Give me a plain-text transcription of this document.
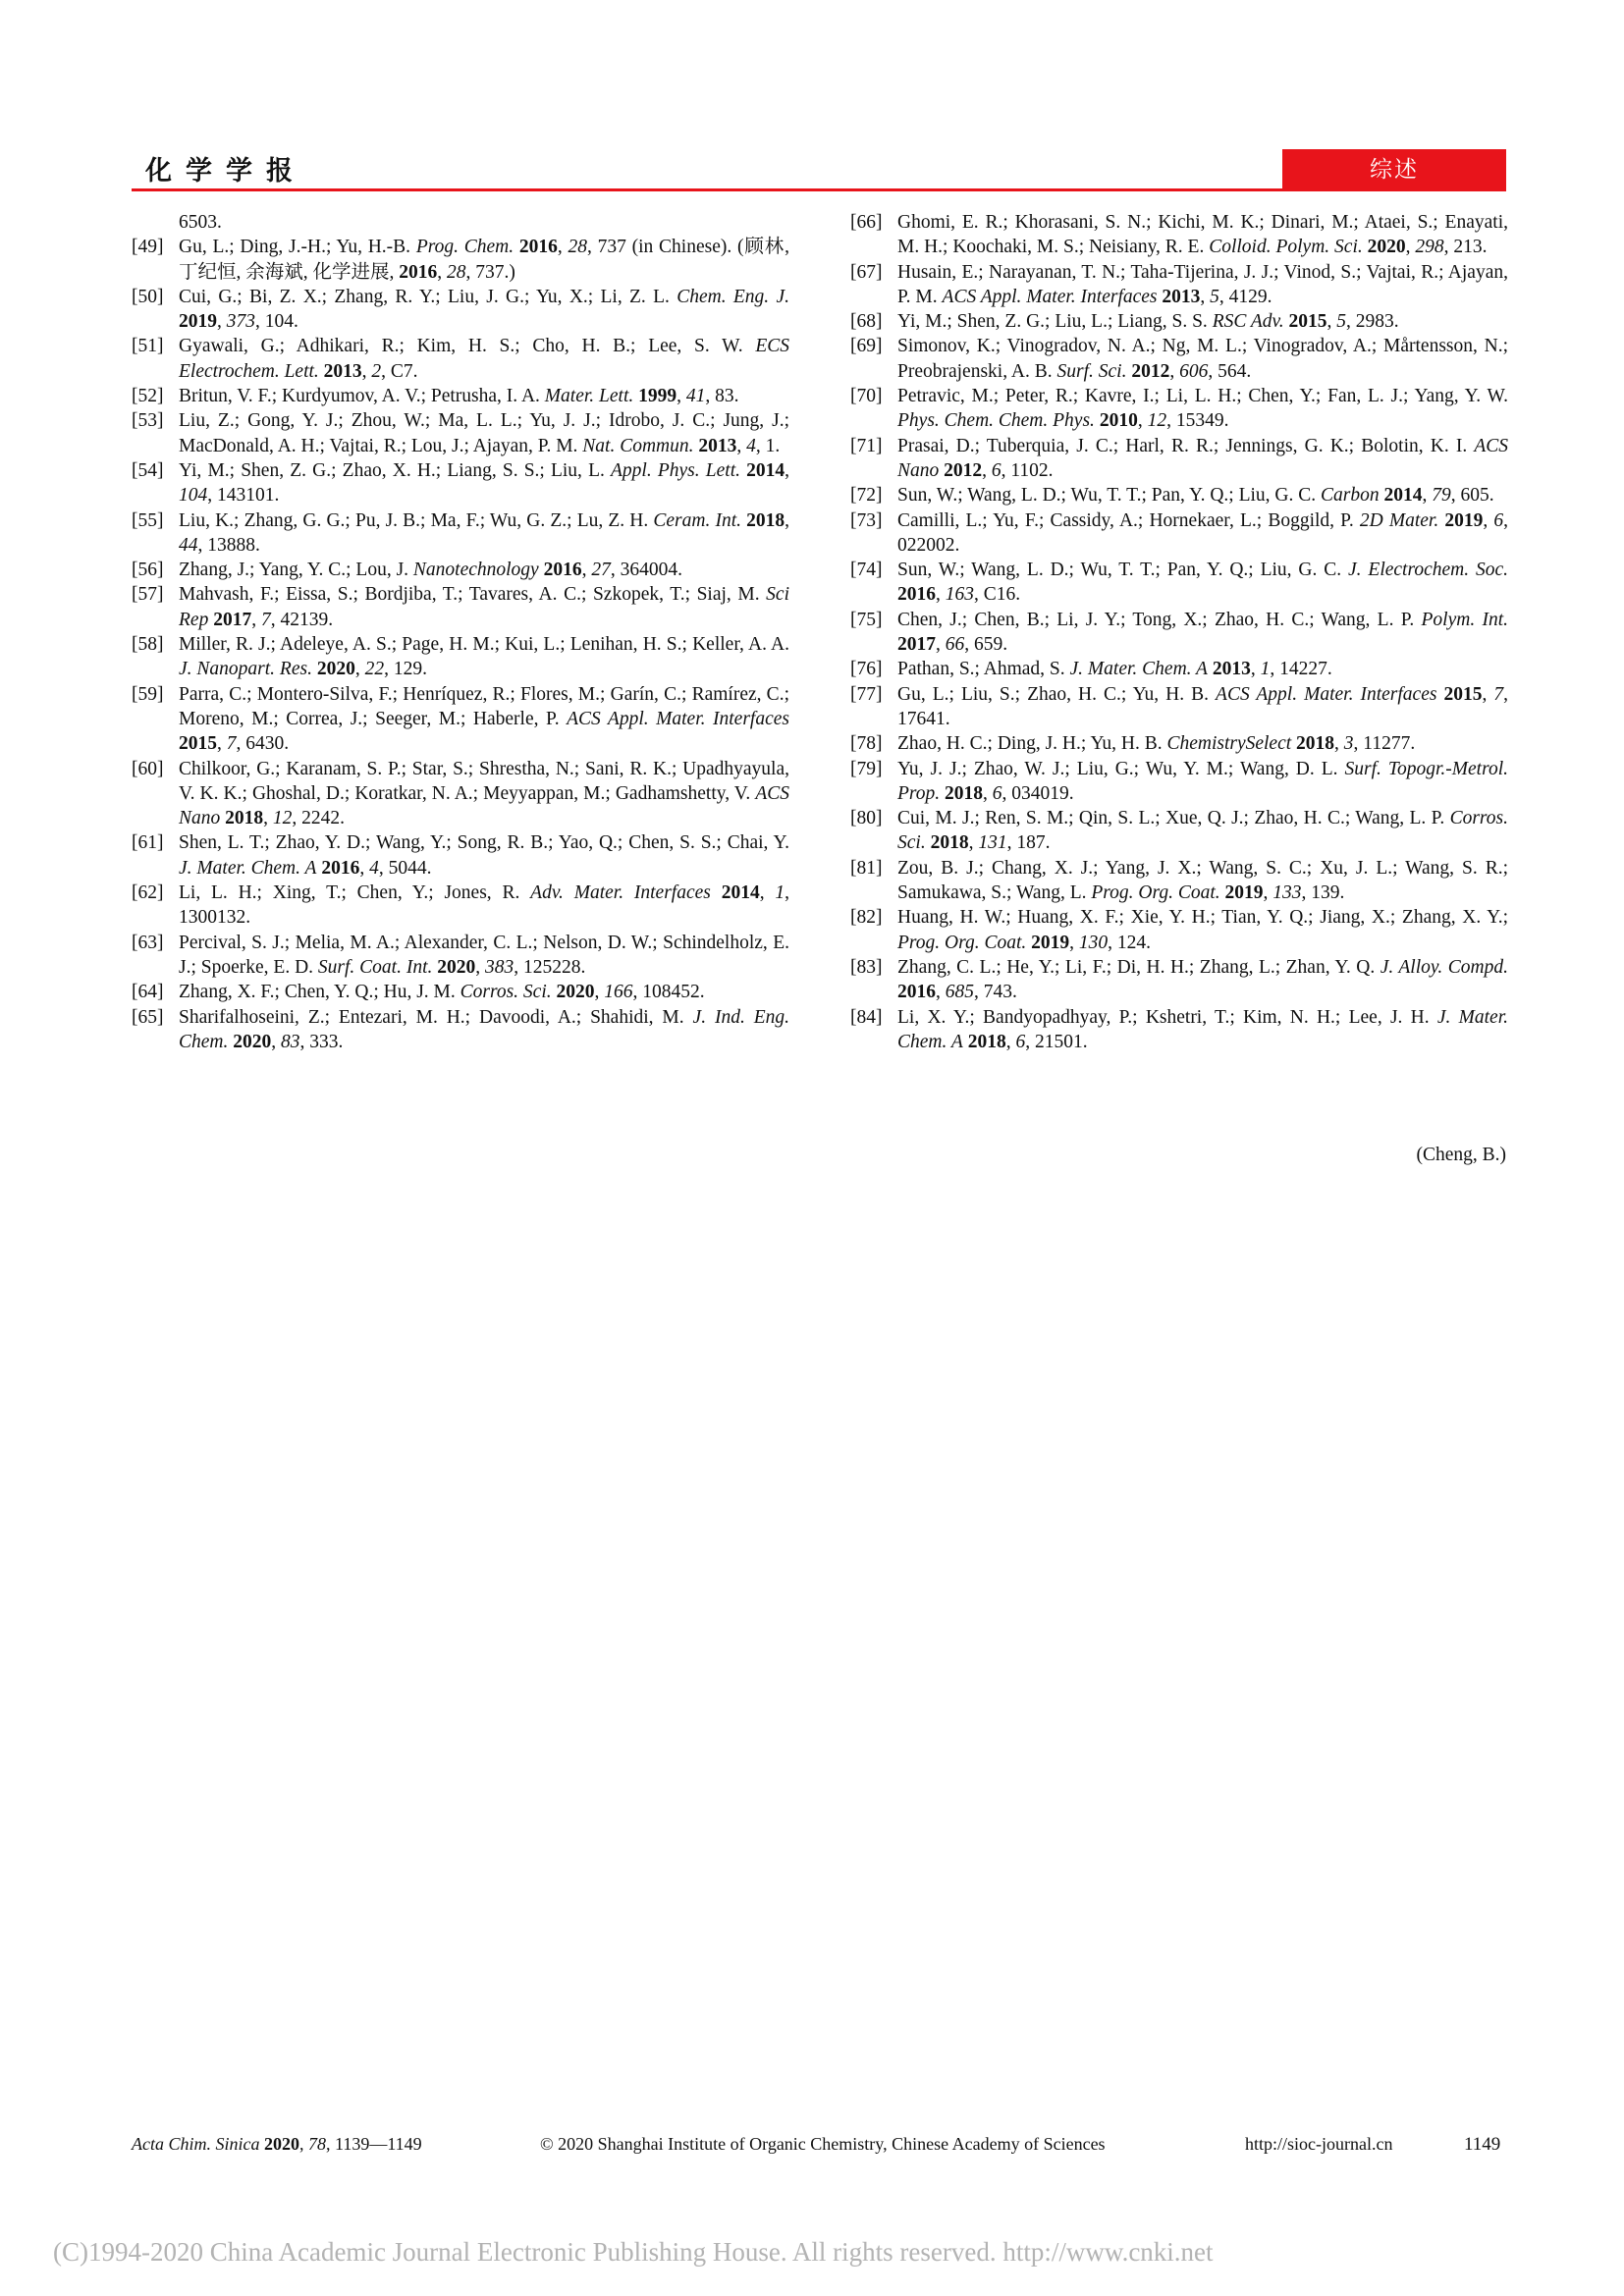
化学学报	综述
6503.
[49] Gu, L.; Ding, J.-H.; Yu, H.-B. Prog. Chem. 2016, 28, 737 (in Chinese). (顾林, 丁纪恒, 余海斌, 化学进展, 2016, 28, 737.)
[50] Cui, G.; Bi, Z. X.; Zhang, R. Y.; Liu, J. G.; Yu, X.; Li, Z. L. Chem. Eng. J. 2019, 373, 104.
[51] Gyawali, G.; Adhikari, R.; Kim, H. S.; Cho, H. B.; Lee, S. W. ECS Electrochem. Lett. 2013, 2, C7.
[52] Britun, V. F.; Kurdyumov, A. V.; Petrusha, I. A. Mater. Lett. 1999, 41, 83.
[53] Liu, Z.; Gong, Y. J.; Zhou, W.; Ma, L. L.; Yu, J. J.; Idrobo, J. C.; Jung, J.; MacDonald, A. H.; Vajtai, R.; Lou, J.; Ajayan, P. M. Nat. Commun. 2013, 4, 1.
[54] Yi, M.; Shen, Z. G.; Zhao, X. H.; Liang, S. S.; Liu, L. Appl. Phys. Lett. 2014, 104, 143101.
[55] Liu, K.; Zhang, G. G.; Pu, J. B.; Ma, F.; Wu, G. Z.; Lu, Z. H. Ceram. Int. 2018, 44, 13888.
[56] Zhang, J.; Yang, Y. C.; Lou, J. Nanotechnology 2016, 27, 364004.
[57] Mahvash, F.; Eissa, S.; Bordjiba, T.; Tavares, A. C.; Szkopek, T.; Siaj, M. Sci Rep 2017, 7, 42139.
[58] Miller, R. J.; Adeleye, A. S.; Page, H. M.; Kui, L.; Lenihan, H. S.; Keller, A. A. J. Nanopart. Res. 2020, 22, 129.
[59] Parra, C.; Montero-Silva, F.; Henríquez, R.; Flores, M.; Garín, C.; Ramírez, C.; Moreno, M.; Correa, J.; Seeger, M.; Haberle, P. ACS Appl. Mater. Interfaces 2015, 7, 6430.
[60] Chilkoor, G.; Karanam, S. P.; Star, S.; Shrestha, N.; Sani, R. K.; Upadhyayula, V. K. K.; Ghoshal, D.; Koratkar, N. A.; Meyyappan, M.; Gadhamshetty, V. ACS Nano 2018, 12, 2242.
[61] Shen, L. T.; Zhao, Y. D.; Wang, Y.; Song, R. B.; Yao, Q.; Chen, S. S.; Chai, Y. J. Mater. Chem. A 2016, 4, 5044.
[62] Li, L. H.; Xing, T.; Chen, Y.; Jones, R. Adv. Mater. Interfaces 2014, 1, 1300132.
[63] Percival, S. J.; Melia, M. A.; Alexander, C. L.; Nelson, D. W.; Schindelholz, E. J.; Spoerke, E. D. Surf. Coat. Int. 2020, 383, 125228.
[64] Zhang, X. F.; Chen, Y. Q.; Hu, J. M. Corros. Sci. 2020, 166, 108452.
[65] Sharifalhoseini, Z.; Entezari, M. H.; Davoodi, A.; Shahidi, M. J. Ind. Eng. Chem. 2020, 83, 333.
[66] Ghomi, E. R.; Khorasani, S. N.; Kichi, M. K.; Dinari, M.; Ataei, S.; Enayati, M. H.; Koochaki, M. S.; Neisiany, R. E. Colloid. Polym. Sci. 2020, 298, 213.
[67] Husain, E.; Narayanan, T. N.; Taha-Tijerina, J. J.; Vinod, S.; Vajtai, R.; Ajayan, P. M. ACS Appl. Mater. Interfaces 2013, 5, 4129.
[68] Yi, M.; Shen, Z. G.; Liu, L.; Liang, S. S. RSC Adv. 2015, 5, 2983.
[69] Simonov, K.; Vinogradov, N. A.; Ng, M. L.; Vinogradov, A.; Mårtensson, N.; Preobrajenski, A. B. Surf. Sci. 2012, 606, 564.
[70] Petravic, M.; Peter, R.; Kavre, I.; Li, L. H.; Chen, Y.; Fan, L. J.; Yang, Y. W. Phys. Chem. Chem. Phys. 2010, 12, 15349.
[71] Prasai, D.; Tuberquia, J. C.; Harl, R. R.; Jennings, G. K.; Bolotin, K. I. ACS Nano 2012, 6, 1102.
[72] Sun, W.; Wang, L. D.; Wu, T. T.; Pan, Y. Q.; Liu, G. C. Carbon 2014, 79, 605.
[73] Camilli, L.; Yu, F.; Cassidy, A.; Hornekaer, L.; Boggild, P. 2D Mater. 2019, 6, 022002.
[74] Sun, W.; Wang, L. D.; Wu, T. T.; Pan, Y. Q.; Liu, G. C. J. Electrochem. Soc. 2016, 163, C16.
[75] Chen, J.; Chen, B.; Li, J. Y.; Tong, X.; Zhao, H. C.; Wang, L. P. Polym. Int. 2017, 66, 659.
[76] Pathan, S.; Ahmad, S. J. Mater. Chem. A 2013, 1, 14227.
[77] Gu, L.; Liu, S.; Zhao, H. C.; Yu, H. B. ACS Appl. Mater. Interfaces 2015, 7, 17641.
[78] Zhao, H. C.; Ding, J. H.; Yu, H. B. ChemistrySelect 2018, 3, 11277.
[79] Yu, J. J.; Zhao, W. J.; Liu, G.; Wu, Y. M.; Wang, D. L. Surf. Topogr.-Metrol. Prop. 2018, 6, 034019.
[80] Cui, M. J.; Ren, S. M.; Qin, S. L.; Xue, Q. J.; Zhao, H. C.; Wang, L. P. Corros. Sci. 2018, 131, 187.
[81] Zou, B. J.; Chang, X. J.; Yang, J. X.; Wang, S. C.; Xu, J. L.; Wang, S. R.; Samukawa, S.; Wang, L. Prog. Org. Coat. 2019, 133, 139.
[82] Huang, H. W.; Huang, X. F.; Xie, Y. H.; Tian, Y. Q.; Jiang, X.; Zhang, X. Y.; Prog. Org. Coat. 2019, 130, 124.
[83] Zhang, C. L.; He, Y.; Li, F.; Di, H. H.; Zhang, L.; Zhan, Y. Q. J. Alloy. Compd. 2016, 685, 743.
[84] Li, X. Y.; Bandyopadhyay, P.; Kshetri, T.; Kim, N. H.; Lee, J. H. J. Mater. Chem. A 2018, 6, 21501.
(Cheng, B.)
Acta Chim. Sinica 2020, 78, 1139—1149	© 2020 Shanghai Institute of Organic Chemistry, Chinese Academy of Sciences	http://sioc-journal.cn	1149
(C)1994-2020 China Academic Journal Electronic Publishing House. All rights reserved. http://www.cnki.net
